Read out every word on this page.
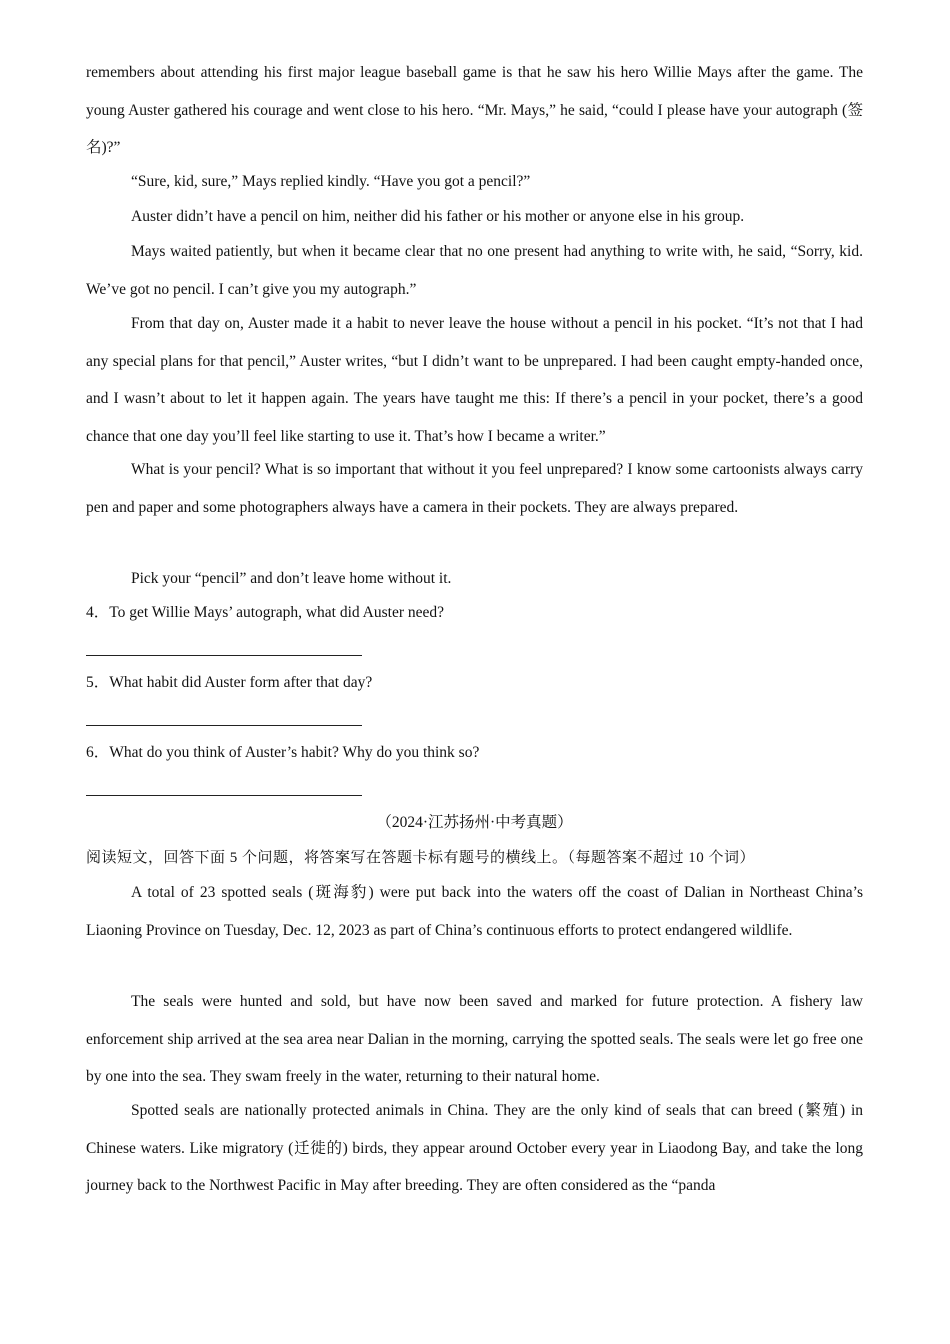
remembers about attending his first major league baseball game is that he saw his hero Willie Mays after the game. The young Auster gathered his courage and went close to his hero. “Mr. Mays,” he said, “could I please have your autograph (签名)?”

“Sure, kid, sure,” Mays replied kindly. “Have you got a pencil?”

Auster didn’t have a pencil on him, neither did his father or his mother or anyone else in his group.

Mays waited patiently, but when it became clear that no one present had anything to write with, he said, “Sorry, kid. We’ve got no pencil. I can’t give you my autograph.”

From that day on, Auster made it a habit to never leave the house without a pencil in his pocket. “It’s not that I had any special plans for that pencil,” Auster writes, “but I didn’t want to be unprepared. I had been caught empty-handed once, and I wasn’t about to let it happen again. The years have taught me this: If there’s a pencil in your pocket, there’s a good chance that one day you’ll feel like starting to use it. That’s how I became a writer.”

What is your pencil? What is so important that without it you feel unprepared? I know some cartoonists always carry pen and paper and some photographers always have a camera in their pockets. They are always prepared.

Pick your “pencil” and don’t leave home without it.

4．To get Willie Mays’ autograph, what did Auster need?

5．What habit did Auster form after that day?

6．What do you think of Auster’s habit? Why do you think so?

（2024·江苏扬州·中考真题）

阅读短文，回答下面 5 个问题，将答案写在答题卡标有题号的横线上。（每题答案不超过 10 个词）

A total of 23 spotted seals (斑海豹) were put back into the waters off the coast of Dalian in Northeast China’s Liaoning Province on Tuesday, Dec. 12, 2023 as part of China’s continuous efforts to protect endangered wildlife.

The seals were hunted and sold, but have now been saved and marked for future protection. A fishery law enforcement ship arrived at the sea area near Dalian in the morning, carrying the spotted seals. The seals were let go free one by one into the sea. They swam freely in the water, returning to their natural home.

Spotted seals are nationally protected animals in China. They are the only kind of seals that can breed (繁殖) in Chinese waters. Like migratory (迁徙的) birds, they appear around October every year in Liaodong Bay, and take the long journey back to the Northwest Pacific in May after breeding. They are often considered as the “panda
